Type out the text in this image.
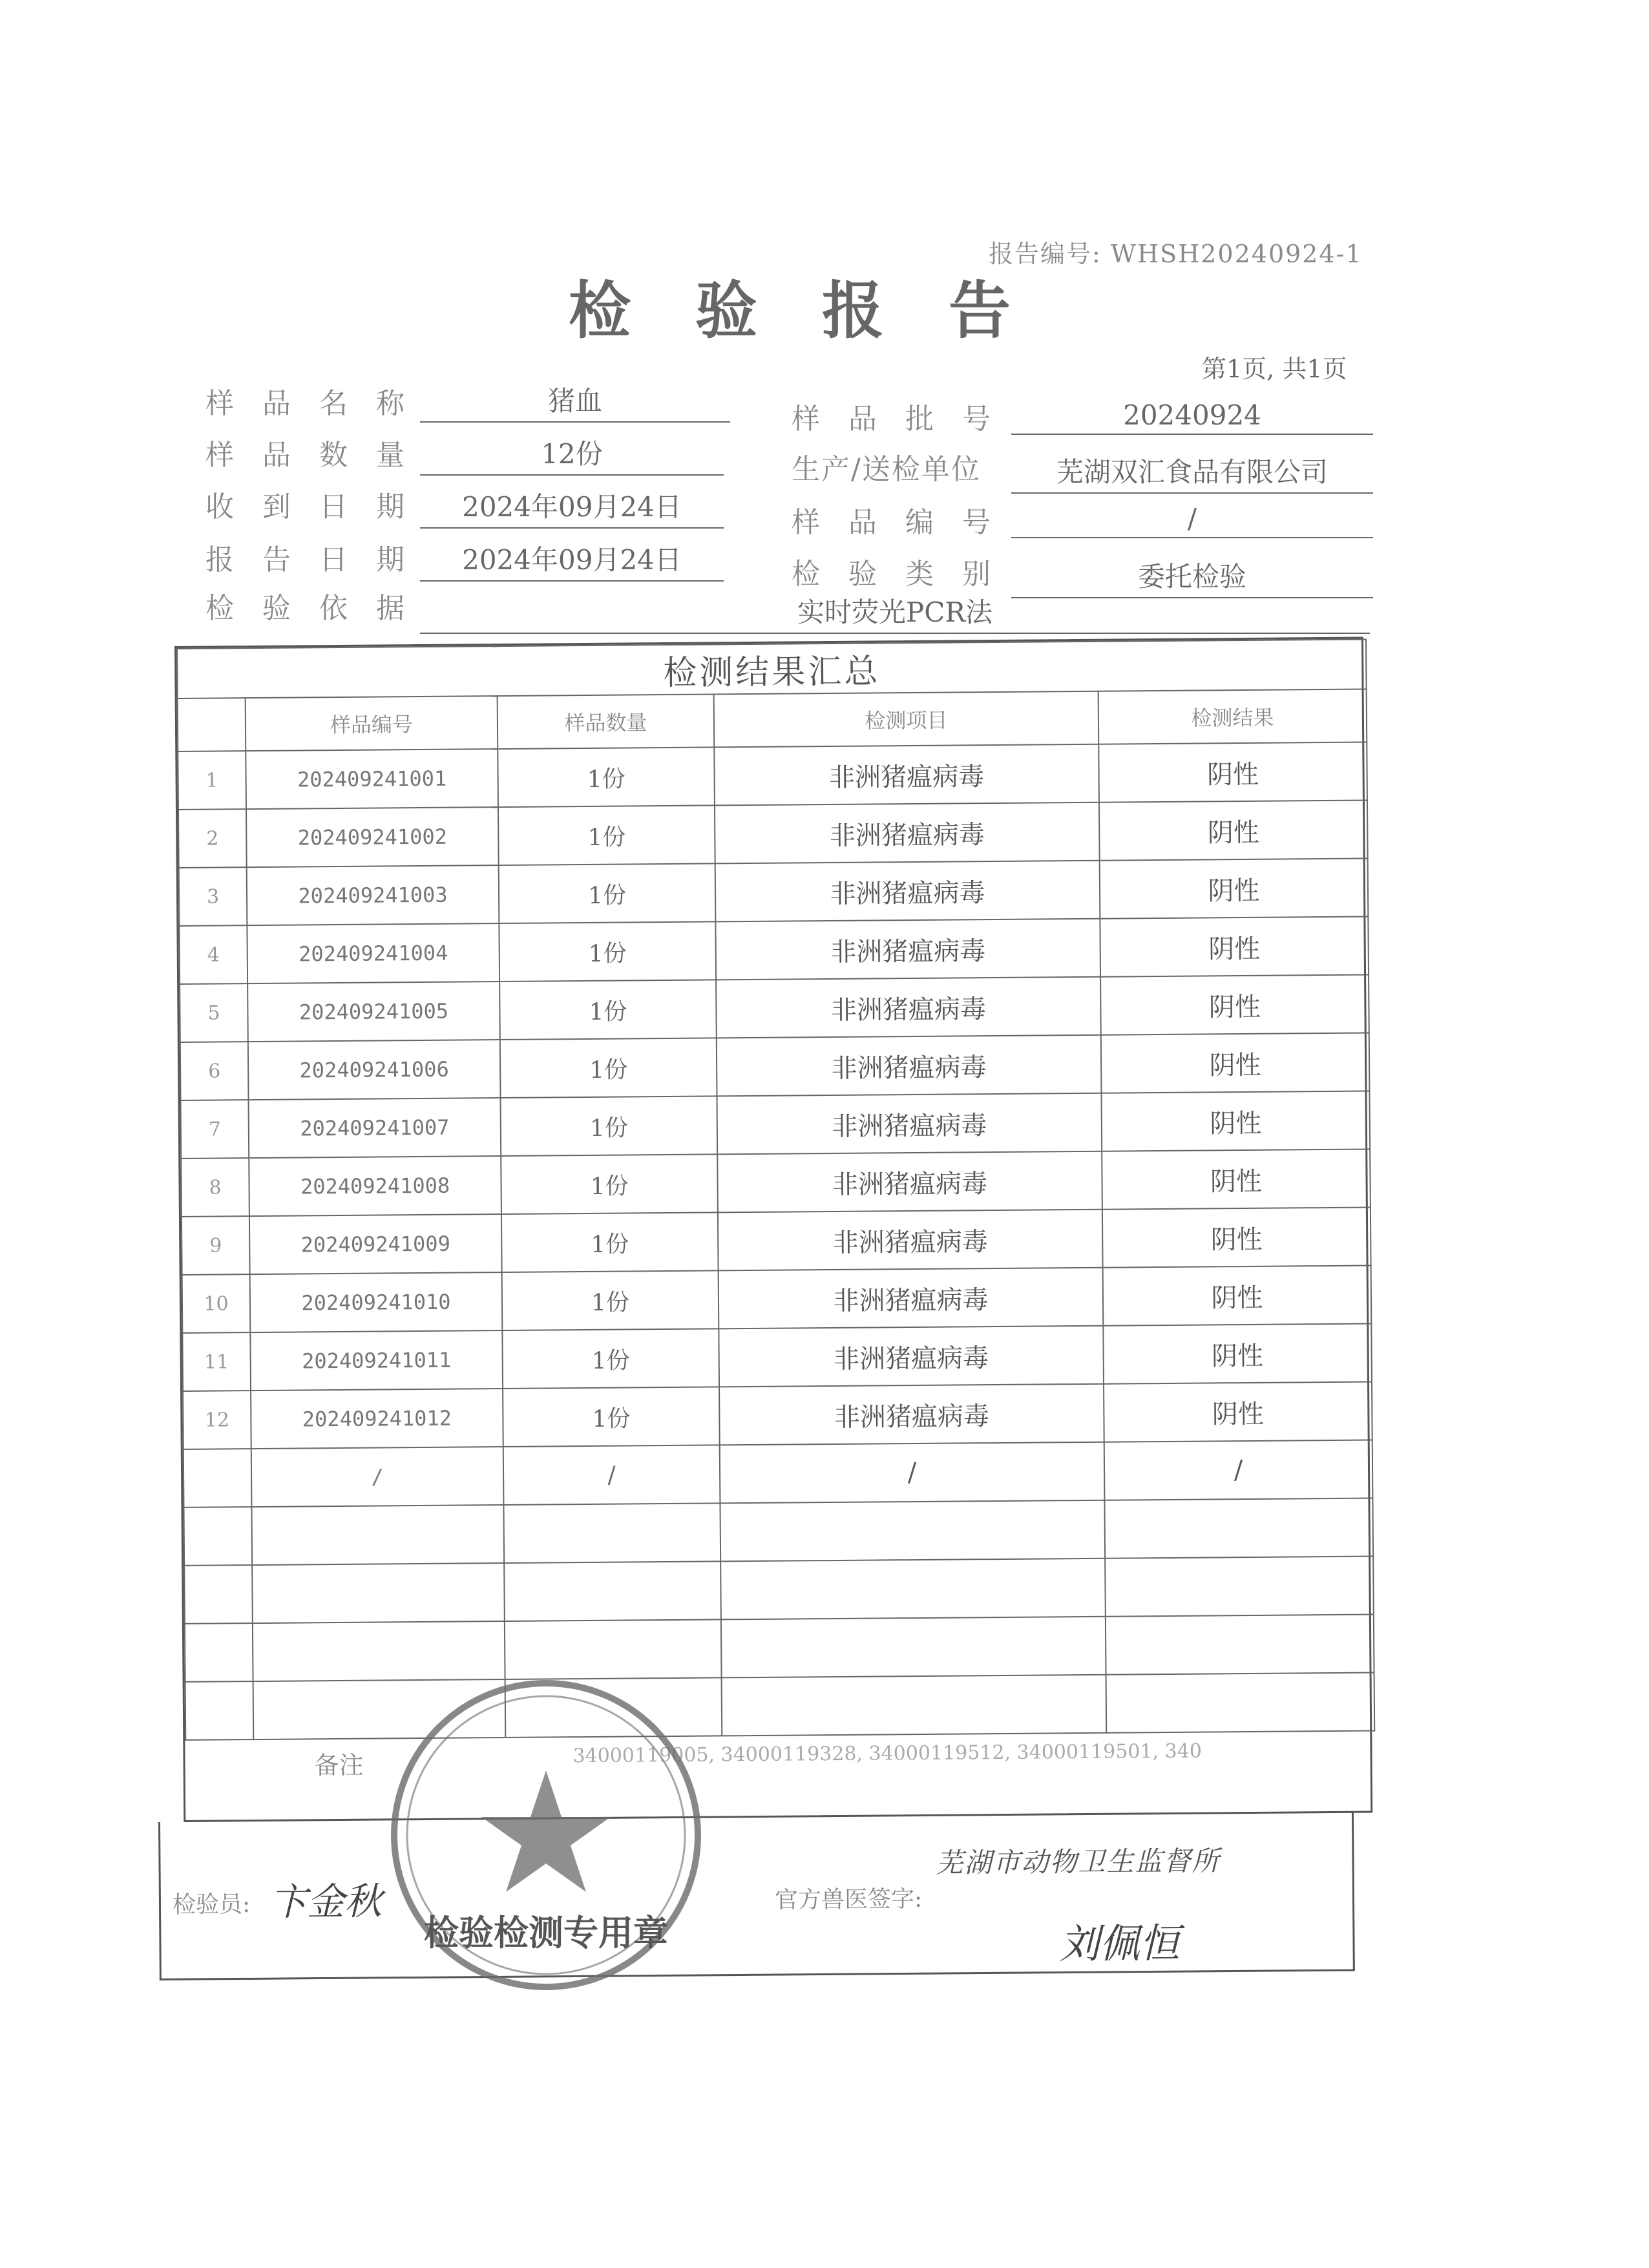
报告编号: WHSH20240924-1
检验报告
第1页, 共1页
样品名称	猪血
样品批号	20240924
样品数量	12份	生产/送检单位	芜湖双汇食品有限公司
收到日期	2024年09月24日	样品编号	/
报告日期	2024年09月24日	检验类别	委托检验
检验依据	实时荧光PCR法
检测结果汇总				
	样品编号	样品数量	检测项目	检测结果
1	202409241001	1份	非洲猪瘟病毒	阴性
2	202409241002	1份	非洲猪瘟病毒	阴性
3	202409241003	1份	非洲猪瘟病毒	阴性
4	202409241004	1份	非洲猪瘟病毒	阴性
5	202409241005	1份	非洲猪瘟病毒	阴性
6	202409241006	1份	非洲猪瘟病毒	阴性
7	202409241007	1份	非洲猪瘟病毒	阴性
8	202409241008	1份	非洲猪瘟病毒	阴性
9	202409241009	1份	非洲猪瘟病毒	阴性
10	202409241010	1份	非洲猪瘟病毒	阴性
11	202409241011	1份	非洲猪瘟病毒	阴性
12	202409241012	1份	非洲猪瘟病毒	阴性
	/	/	/	/

备注	34000119005, 34000119328, 34000119512, 34000119501, 340
检验员: 卞金秋	官方兽医签字:
芜湖市动物卫生监督所
刘佩恒
检验检测专用章
